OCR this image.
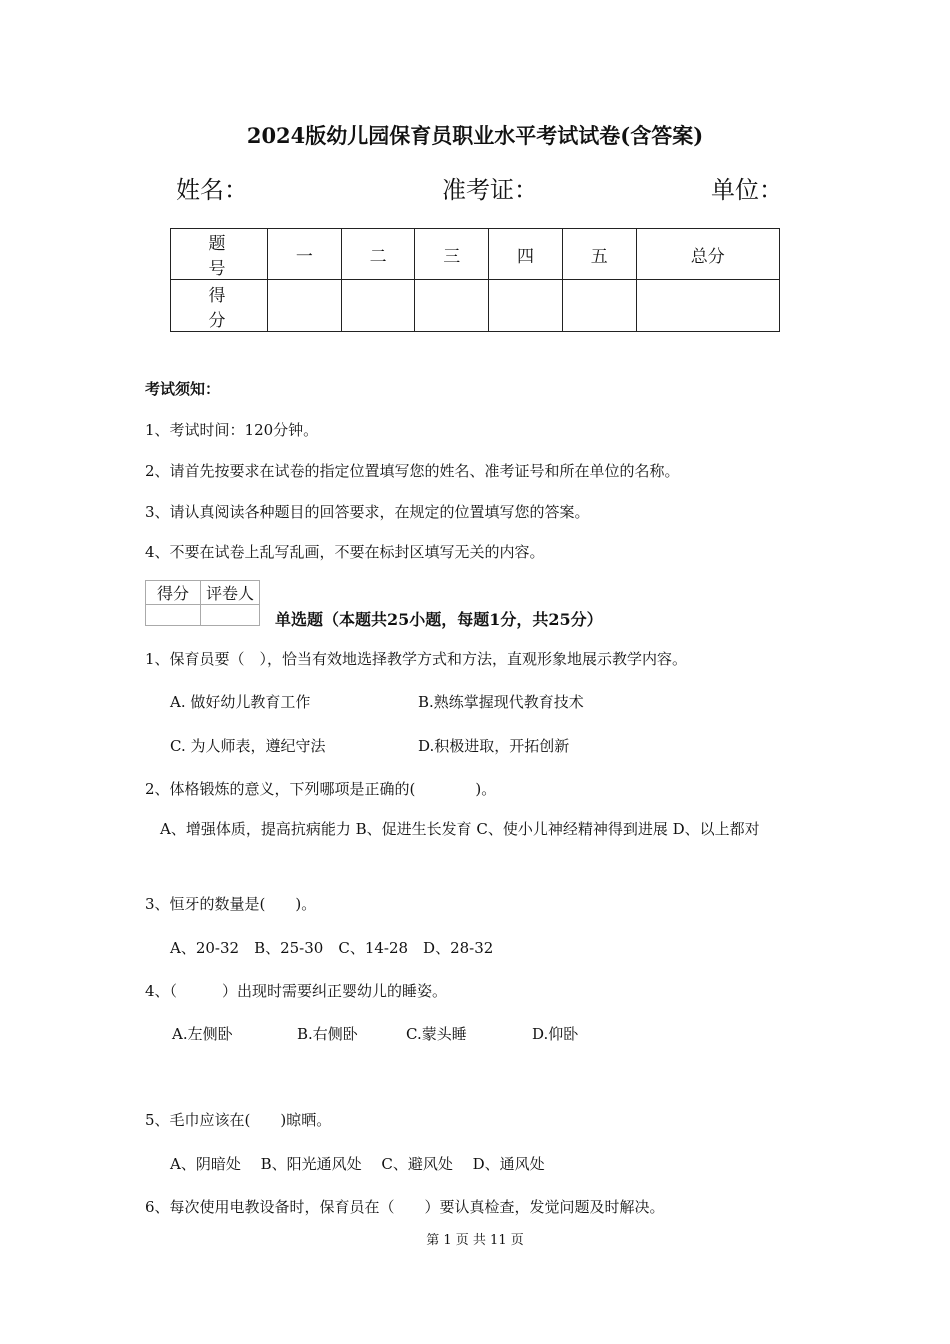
2024版幼儿园保育员职业水平考试试卷(含答案)
姓名：	准考证：	单位：
题　号	一	二	三	四	五	总分
得　分						
考试须知：
1、考试时间：120分钟。
2、请首先按要求在试卷的指定位置填写您的姓名、准考证号和所在单位的名称。
3、请认真阅读各种题目的回答要求，在规定的位置填写您的答案。
4、不要在试卷上乱写乱画，不要在标封区填写无关的内容。
得分	评卷人

单选题（本题共25小题，每题1分，共25分）
1、保育员要（　），恰当有效地选择教学方式和方法，直观形象地展示教学内容。
A. 做好幼儿教育工作	B.熟练掌握现代教育技术
C. 为人师表，遵纪守法	D.积极进取，开拓创新
2、体格锻炼的意义，下列哪项是正确的(　　　　)。
　A、增强体质，提高抗病能力 B、促进生长发育 C、使小儿神经精神得到进展 D、以上都对
3、恒牙的数量是(　　)。
A、20-32　B、25-30　C、14-28　D、28-32
4、（　　　）出现时需要纠正婴幼儿的睡姿。
A.左侧卧	B.右侧卧	C.蒙头睡	D.仰卧
5、毛巾应该在(　　)晾晒。
A、阴暗处　 B、阳光通风处　 C、避风处　 D、通风处
6、每次使用电教设备时，保育员在（　　）要认真检查，发觉问题及时解决。
第 1 页 共 11 页
